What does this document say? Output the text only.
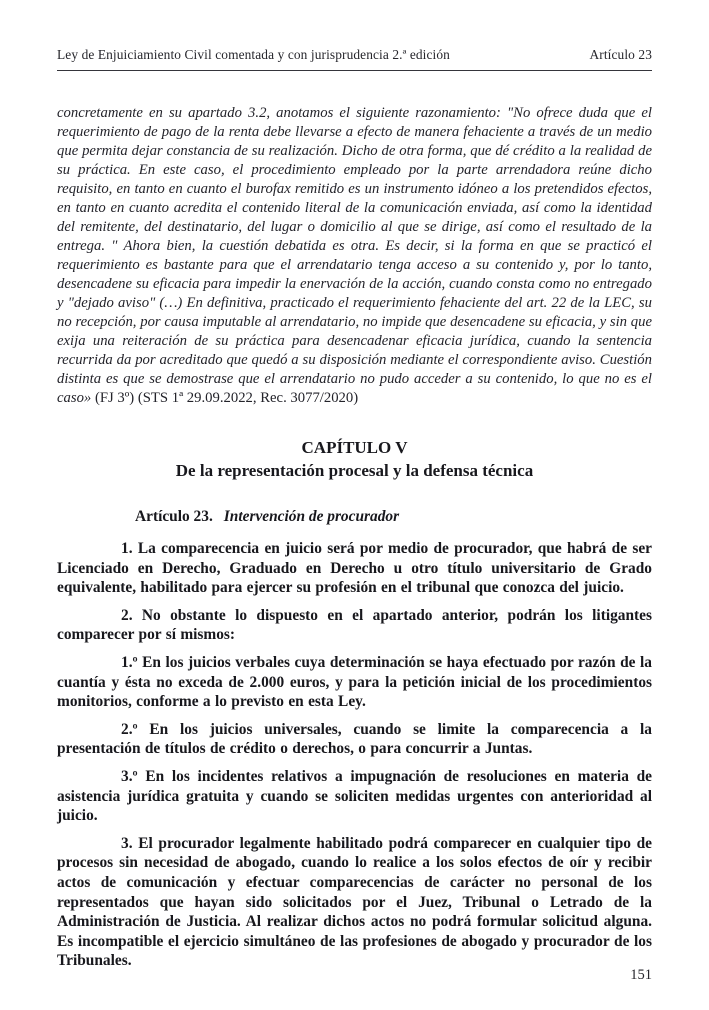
Ley de Enjuiciamiento Civil comentada y con jurisprudencia 2.ª edición	Artículo 23

concretamente en su apartado 3.2, anotamos el siguiente razonamiento: "No ofrece duda que el requerimiento de pago de la renta debe llevarse a efecto de manera fehaciente a través de un medio que permita dejar constancia de su realización. Dicho de otra forma, que dé crédito a la realidad de su práctica. En este caso, el procedimiento empleado por la parte arrendadora reúne dicho requisito, en tanto en cuanto el burofax remitido es un instrumento idóneo a los pretendidos efectos, en tanto en cuanto acredita el contenido literal de la comunicación enviada, así como la identidad del remitente, del destinatario, del lugar o domicilio al que se dirige, así como el resultado de la entrega. " Ahora bien, la cuestión debatida es otra. Es decir, si la forma en que se practicó el requerimiento es bastante para que el arrendatario tenga acceso a su contenido y, por lo tanto, desencadene su eficacia para impedir la enervación de la acción, cuando consta como no entregado y "dejado aviso" (…) En definitiva, practicado el requerimiento fehaciente del art. 22 de la LEC, su no recepción, por causa imputable al arrendatario, no impide que desencadene su eficacia, y sin que exija una reiteración de su práctica para desencadenar eficacia jurídica, cuando la sentencia recurrida da por acreditado que quedó a su disposición mediante el correspondiente aviso. Cuestión distinta es que se demostrase que el arrendatario no pudo acceder a su contenido, lo que no es el caso» (FJ 3º) (STS 1ª 29.09.2022, Rec. 3077/2020)

CAPÍTULO V
De la representación procesal y la defensa técnica
Artículo 23. Intervención de procurador

1. La comparecencia en juicio será por medio de procurador, que habrá de ser Licenciado en Derecho, Graduado en Derecho u otro título universitario de Grado equivalente, habilitado para ejercer su profesión en el tribunal que conozca del juicio.

2. No obstante lo dispuesto en el apartado anterior, podrán los litigantes comparecer por sí mismos:

1.º En los juicios verbales cuya determinación se haya efectuado por razón de la cuantía y ésta no exceda de 2.000 euros, y para la petición inicial de los procedimientos monitorios, conforme a lo previsto en esta Ley.

2.º En los juicios universales, cuando se limite la comparecencia a la presentación de títulos de crédito o derechos, o para concurrir a Juntas.

3.º En los incidentes relativos a impugnación de resoluciones en materia de asistencia jurídica gratuita y cuando se soliciten medidas urgentes con anterioridad al juicio.

3. El procurador legalmente habilitado podrá comparecer en cualquier tipo de procesos sin necesidad de abogado, cuando lo realice a los solos efectos de oír y recibir actos de comunicación y efectuar comparecencias de carácter no personal de los representados que hayan sido solicitados por el Juez, Tribunal o Letrado de la Administración de Justicia. Al realizar dichos actos no podrá formular solicitud alguna. Es incompatible el ejercicio simultáneo de las profesiones de abogado y procurador de los Tribunales.

151
